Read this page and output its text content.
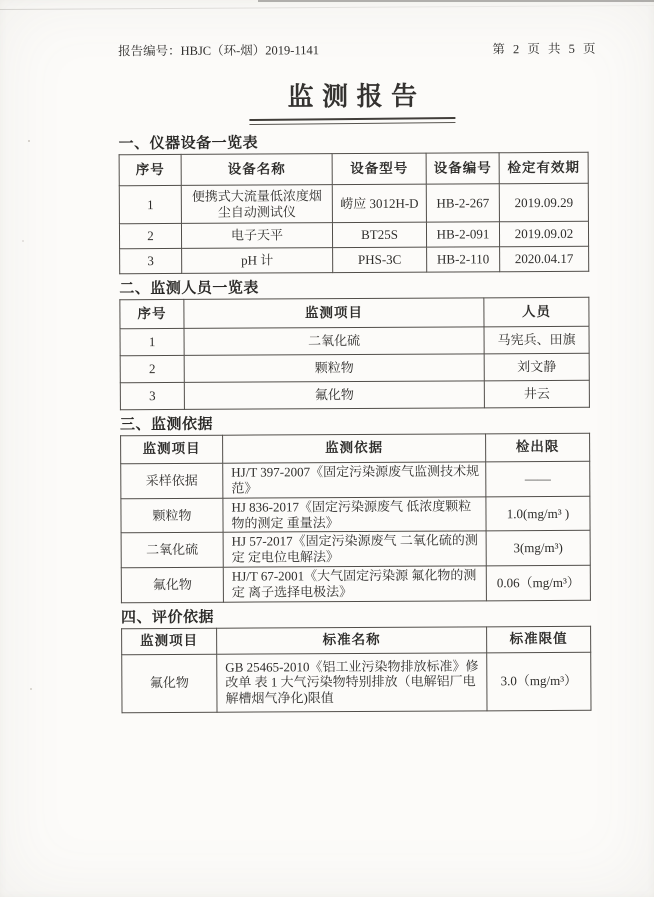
报告编号：HBJC（环-烟）2019-1141	第 2 页 共 5 页
监 测 报 告
一、仪器设备一览表
序号	设备名称	设备型号	设备编号	检定有效期
1	便携式大流量低浓度烟尘自动测试仪	崂应 3012H-D	HB-2-267	2019.09.29
2	电子天平	BT25S	HB-2-091	2019.09.02
3	pH 计	PHS-3C	HB-2-110	2020.04.17
二、监测人员一览表
序号	监测项目	人员
1	二氧化硫	马宪兵、田旗
2	颗粒物	刘文静
3	氟化物	井云
三、监测依据
监测项目	监测依据	检出限
采样依据	HJ/T 397-2007《固定污染源废气监测技术规范》	——
颗粒物	HJ 836-2017《固定污染源废气 低浓度颗粒物的测定 重量法》	1.0(mg/m³ )
二氧化硫	HJ 57-2017《固定污染源废气 二氧化硫的测定 定电位电解法》	3(mg/m³)
氟化物	HJ/T 67-2001《大气固定污染源 氟化物的测定 离子选择电极法》	0.06（mg/m³）
四、评价依据
监测项目	标准名称	标准限值
氟化物	GB 25465-2010《铝工业污染物排放标准》修改单 表 1 大气污染物特别排放（电解铝厂电解槽烟气净化)限值	3.0（mg/m³）
